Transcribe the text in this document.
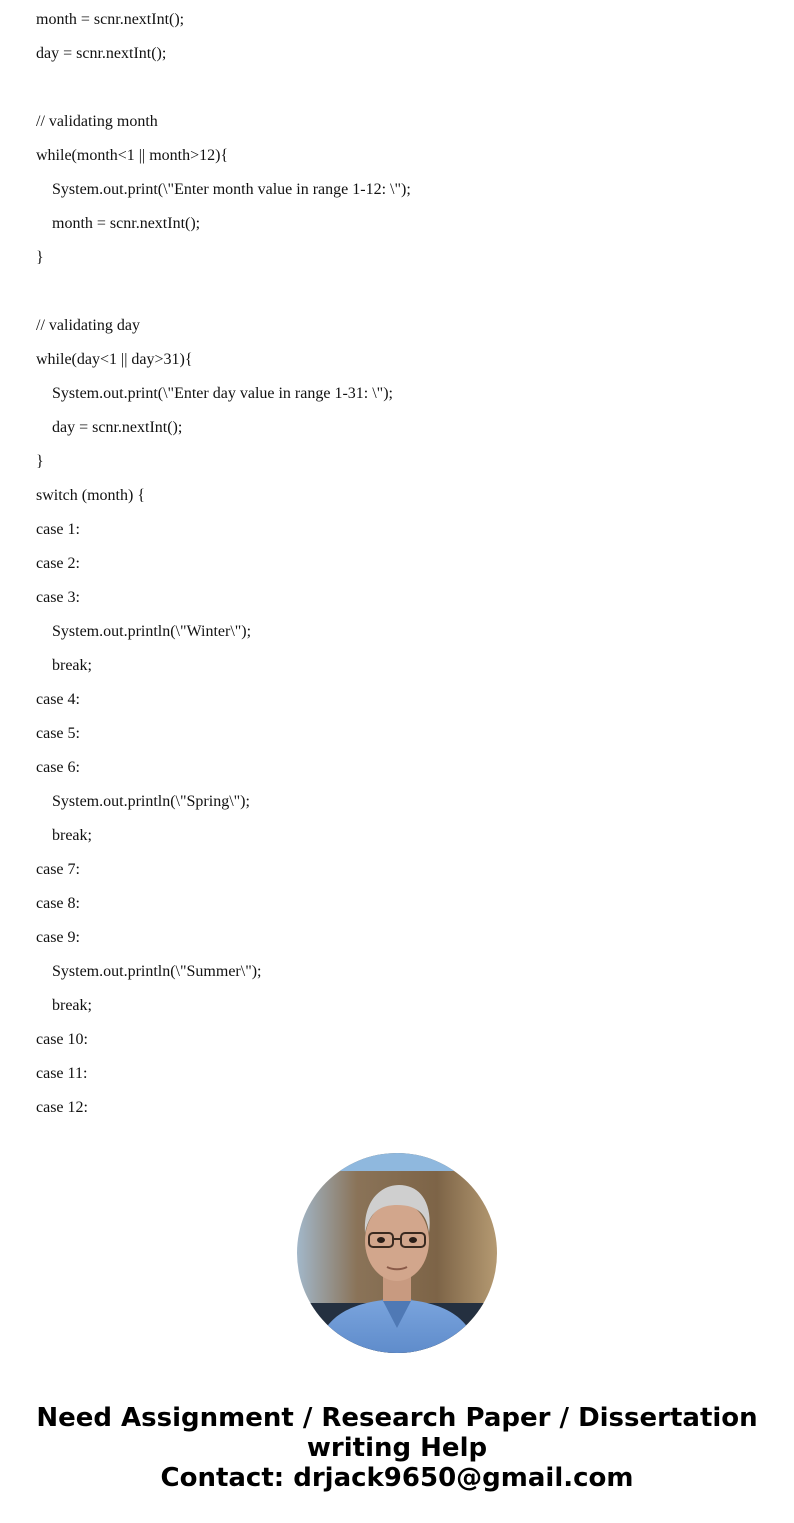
month = scnr.nextInt();
day = scnr.nextInt();
// validating month
while(month<1 || month>12){
System.out.print(\"Enter month value in range 1-12: \");
month = scnr.nextInt();
}
// validating day
while(day<1 || day>31){
System.out.print(\"Enter day value in range 1-31: \");
day = scnr.nextInt();
}
switch (month) {
case 1:
case 2:
case 3:
System.out.println(\"Winter\");
break;
case 4:
case 5:
case 6:
System.out.println(\"Spring\");
break;
case 7:
case 8:
case 9:
System.out.println(\"Summer\");
break;
case 10:
case 11:
case 12:
Need Assignment / Research Paper / Dissertation
writing Help
Contact: drjack9650@gmail.com
